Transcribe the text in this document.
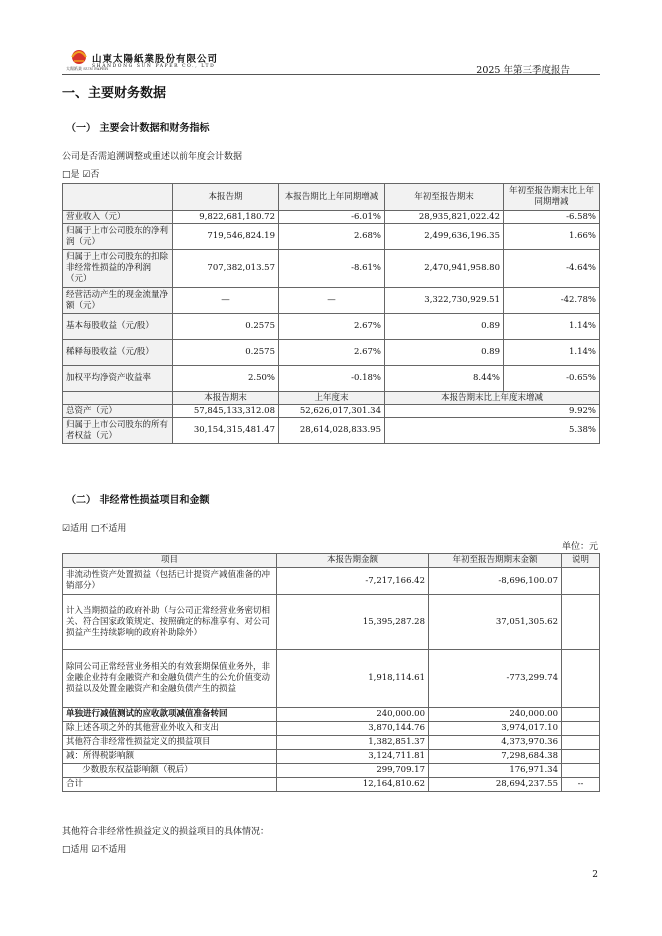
太陽紙業 SUN PAPER
山東太陽紙業股份有限公司
SHANDONG SUN PAPER CO., LTD	2025 年第三季度报告
一、主要财务数据
（一） 主要会计数据和财务指标
公司是否需追溯调整或重述以前年度会计数据
□是 ☑否
	本报告期	本报告期比上年同期增减	年初至报告期末	年初至报告期末比上年同期增减
营业收入（元）	9,822,681,180.72	-6.01%	28,935,821,022.42	-6.58%
归属于上市公司股东的净利润（元）	719,546,824.19	2.68%	2,499,636,196.35	1.66%
归属于上市公司股东的扣除非经常性损益的净利润（元）	707,382,013.57	-8.61%	2,470,941,958.80	-4.64%
经营活动产生的现金流量净额（元）	—	—	3,322,730,929.51	-42.78%
基本每股收益（元/股）	0.2575	2.67%	0.89	1.14%
稀释每股收益（元/股）	0.2575	2.67%	0.89	1.14%
加权平均净资产收益率	2.50%	-0.18%	8.44%	-0.65%
	本报告期末	上年度末	本报告期末比上年度末增减	
总资产（元）	57,845,133,312.08	52,626,017,301.34	9.92%	
归属于上市公司股东的所有者权益（元）	30,154,315,481.47	28,614,028,833.95	5.38%	
（二） 非经常性损益项目和金额
☑适用 □不适用
单位：元
项目	本报告期金额	年初至报告期期末金额	说明
非流动性资产处置损益（包括已计提资产减值准备的冲销部分）	-7,217,166.42	-8,696,100.07	
计入当期损益的政府补助（与公司正常经营业务密切相关、符合国家政策规定、按照确定的标准享有、对公司损益产生持续影响的政府补助除外）	15,395,287.28	37,051,305.62	
除同公司正常经营业务相关的有效套期保值业务外，非金融企业持有金融资产和金融负债产生的公允价值变动损益以及处置金融资产和金融负债产生的损益	1,918,114.61	-773,299.74	
单独进行减值测试的应收款项减值准备转回	240,000.00	240,000.00	
除上述各项之外的其他营业外收入和支出	3,870,144.76	3,974,017.10	
其他符合非经常性损益定义的损益项目	1,382,851.37	4,373,970.36	
减：所得税影响额	3,124,711.81	7,298,684.38	
少数股东权益影响额（税后）	299,709.17	176,971.34	
合计	12,164,810.62	28,694,237.55	--
其他符合非经常性损益定义的损益项目的具体情况：
□适用 ☑不适用
2
